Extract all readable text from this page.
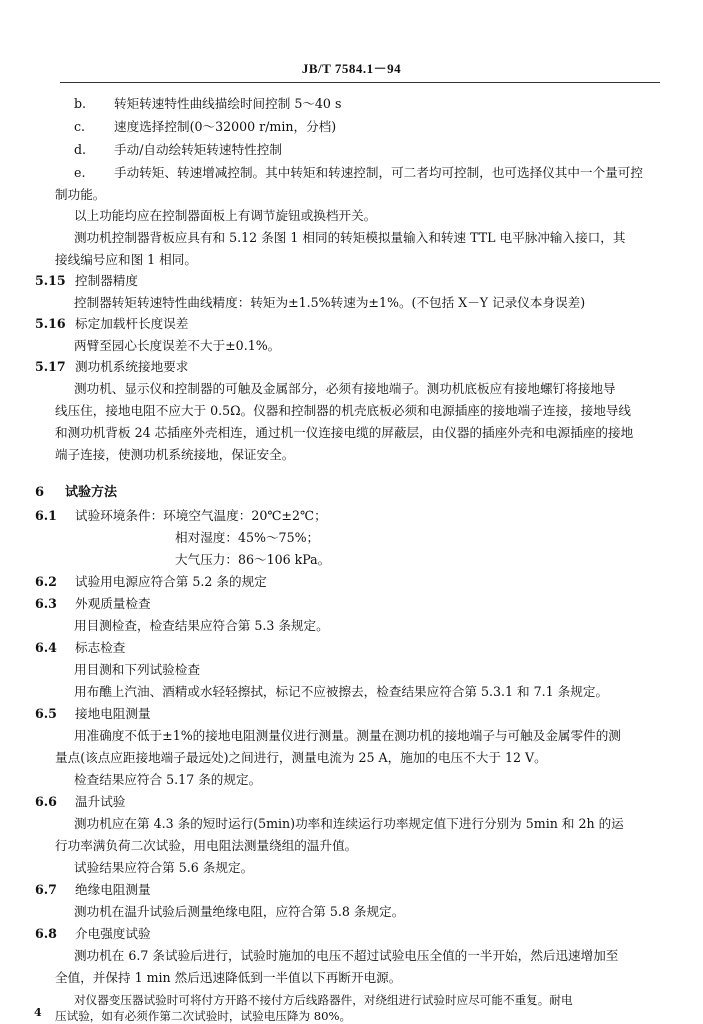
JB/T 7584.1－94
b. 转矩转速特性曲线描绘时间控制 5～40 s
c. 速度选择控制(0～32000 r/min，分档)
d. 手动/自动绘转矩转速特性控制
e. 手动转矩、转速增减控制。其中转矩和转速控制，可二者均可控制，也可选择仪其中一个量可控
制功能。
以上功能均应在控制器面板上有调节旋钮或换档开关。
测功机控制器背板应具有和 5.12 条图 1 相同的转矩模拟量输入和转速 TTL 电平脉冲输入接口，其
接线编号应和图 1 相同。
5.15 控制器精度
控制器转矩转速特性曲线精度：转矩为±1.5%转速为±1%。(不包括 X－Y 记录仪本身误差)
5.16 标定加载杆长度误差
两臂至园心长度误差不大于±0.1%。
5.17 测功机系统接地要求
测功机、显示仪和控制器的可触及金属部分，必须有接地端子。测功机底板应有接地螺钉将接地导
线压住，接地电阻不应大于 0.5Ω。仪器和控制器的机壳底板必须和电源插座的接地端子连接，接地导线
和测功机背板 24 芯插座外壳相连，通过机一仪连接电缆的屏蔽层，由仪器的插座外壳和电源插座的接地
端子连接，使测功机系统接地，保证安全。
6 试验方法
6.1 试验环境条件：环境空气温度：20℃±2℃；
相对湿度：45%～75%；
大气压力：86～106 kPa。
6.2 试验用电源应符合第 5.2 条的规定
6.3 外观质量检查
用目测检查，检查结果应符合第 5.3 条规定。
6.4 标志检查
用目测和下列试验检查
用布醮上汽油、酒精或水轻轻擦拭，标记不应被擦去，检查结果应符合第 5.3.1 和 7.1 条规定。
6.5 接地电阻测量
用准确度不低于±1%的接地电阻测量仪进行测量。测量在测功机的接地端子与可触及金属零件的测
量点(该点应距接地端子最远处)之间进行，测量电流为 25 A，施加的电压不大于 12 V。
检查结果应符合 5.17 条的规定。
6.6 温升试验
测功机应在第 4.3 条的短时运行(5min)功率和连续运行功率规定值下进行分别为 5min 和 2h 的运
行功率满负荷二次试验，用电阻法测量绕组的温升值。
试验结果应符合第 5.6 条规定。
6.7 绝缘电阻测量
测功机在温升试验后测量绝缘电阻，应符合第 5.8 条规定。
6.8 介电强度试验
测功机在 6.7 条试验后进行，试验时施加的电压不超过试验电压全值的一半开始，然后迅速增加至
全值，并保持 1 min 然后迅速降低到一半值以下再断开电源。
对仪器变压器试验时可将付方开路不接付方后线路器件，对绕组进行试验时应尽可能不重复。耐电
压试验，如有必须作第二次试验时，试验电压降为 80%。
4
